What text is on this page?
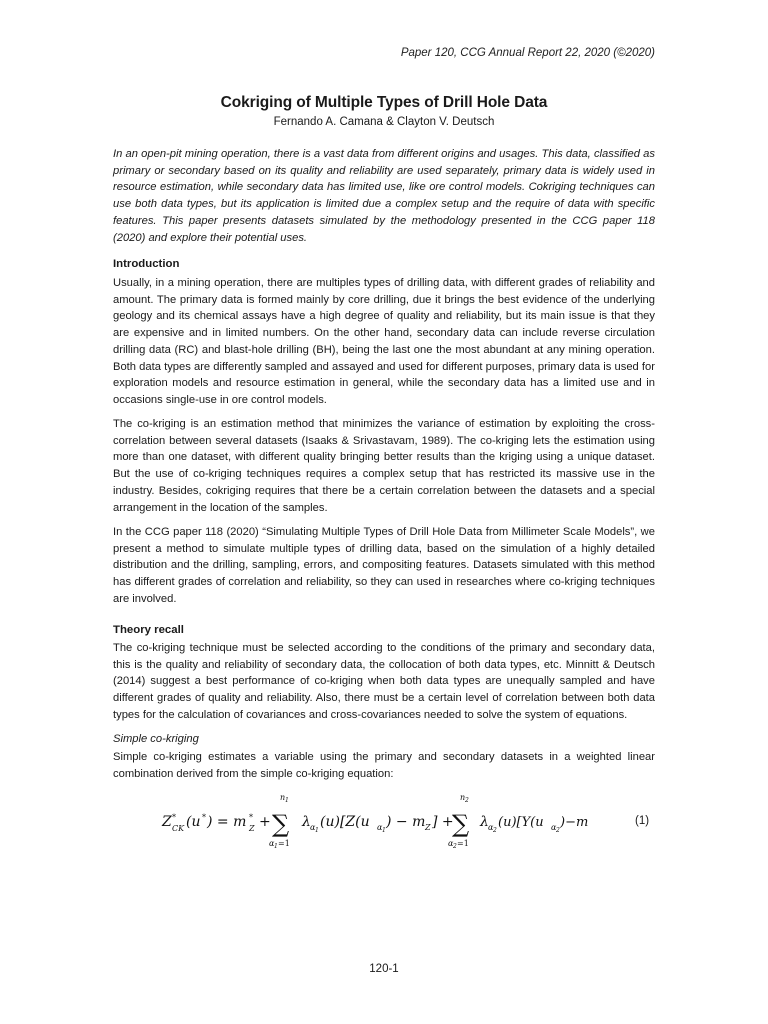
Paper 120, CCG Annual Report 22, 2020 (©2020)
Cokriging of Multiple Types of Drill Hole Data
Fernando A. Camana & Clayton V. Deutsch
In an open-pit mining operation, there is a vast data from different origins and usages. This data, classified as primary or secondary based on its quality and reliability are used separately, primary data is widely used in resource estimation, while secondary data has limited use, like ore control models. Cokriging techniques can use both data types, but its application is limited due a complex setup and the require of data with specific features. This paper presents datasets simulated by the methodology presented in the CCG paper 118 (2020) and explore their potential uses.
Introduction
Usually, in a mining operation, there are multiples types of drilling data, with different grades of reliability and amount. The primary data is formed mainly by core drilling, due it brings the best evidence of the underlying geology and its chemical assays have a high degree of quality and reliability, but its main issue is that they are expensive and in limited numbers. On the other hand, secondary data can include reverse circulation drilling data (RC) and blast-hole drilling (BH), being the last one the most abundant at any mining operation. Both data types are differently sampled and assayed and used for different purposes, primary data is used for exploration models and resource estimation in general, while the secondary data has a limited use and in occasions single-use in ore control models.
The co-kriging is an estimation method that minimizes the variance of estimation by exploiting the cross-correlation between several datasets (Isaaks & Srivastavam, 1989). The co-kriging lets the estimation using more than one dataset, with different quality bringing better results than the kriging using a unique dataset. But the use of co-kriging techniques requires a complex setup that has restricted its massive use in the industry. Besides, cokriging requires that there be a certain correlation between the datasets and a special arrangement in the location of the samples.
In the CCG paper 118 (2020) “Simulating Multiple Types of Drill Hole Data from Millimeter Scale Models”, we present a method to simulate multiple types of drilling data, based on the simulation of a highly detailed distribution and the drilling, sampling, errors, and compositing features. Datasets simulated with this method has different grades of correlation and reliability, so they can used in researches where co-kriging techniques are involved.
Theory recall
The co-kriging technique must be selected according to the conditions of the primary and secondary data, this is the quality and reliability of secondary data, the collocation of both data types, etc. Minnitt & Deutsch (2014) suggest a best performance of co-kriging when both data types are unequally sampled and have different grades of quality and reliability. Also, there must be a certain level of correlation between both data types for the calculation of covariances and cross-covariances needed to solve the system of equations.
Simple co-kriging
Simple co-kriging estimates a variable using the primary and secondary datasets in a weighted linear combination derived from the simple co-kriging equation:
Z *
CK (u * ) = m *
Z +
n 1
∑
α 1 =1
λ α 1
(u)[Z(u α 1
) − m Z ] +
n 2
∑
α 2 =1
λ α 2
(u)[Y(u α 2
)−m	(1)
120-1
